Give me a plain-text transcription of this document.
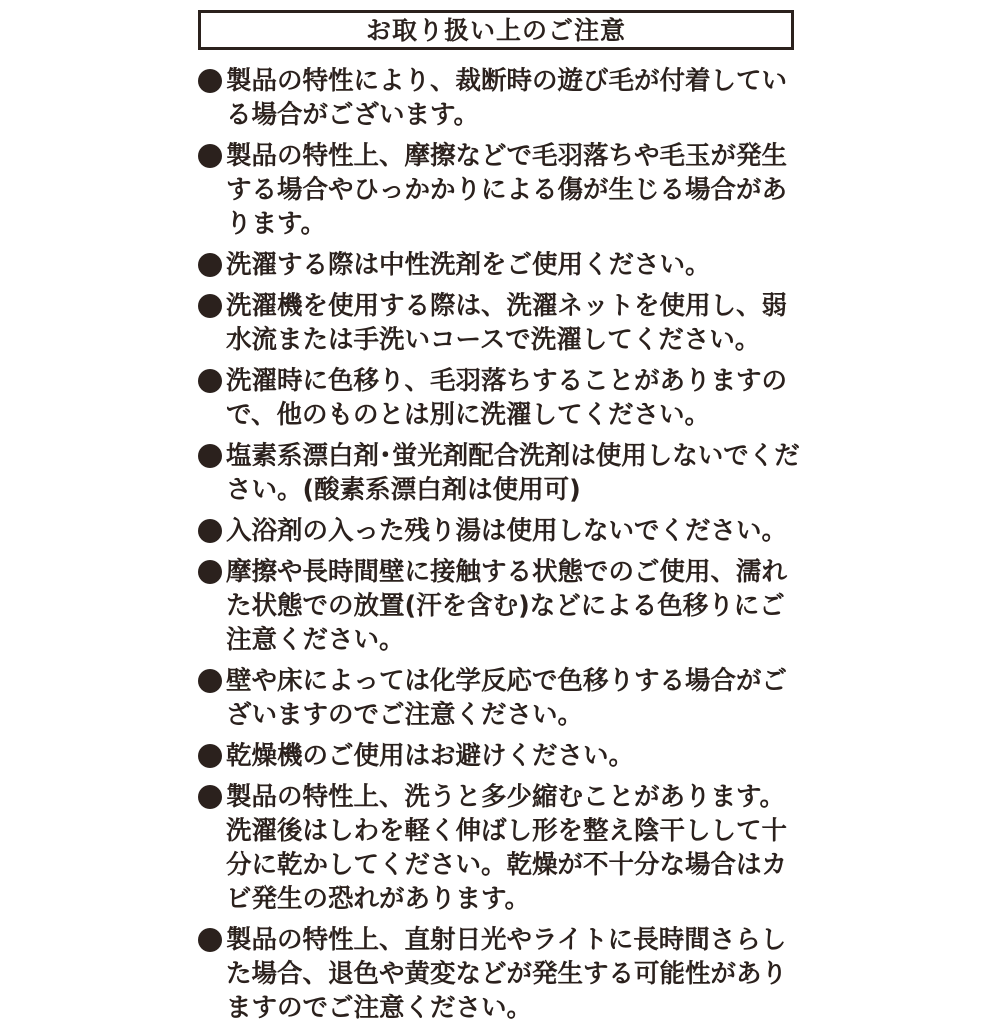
お取り扱い上のご注意
製品の特性により、裁断時の遊び毛が付着している場合がございます。
製品の特性上、摩擦などで毛羽落ちや毛玉が発生する場合やひっかかりによる傷が生じる場合があります。
洗濯する際は中性洗剤をご使用ください。
洗濯機を使用する際は、洗濯ネットを使用し、弱水流または手洗いコースで洗濯してください。
洗濯時に色移り、毛羽落ちすることがありますので、他のものとは別に洗濯してください。
塩素系漂白剤･蛍光剤配合洗剤は使用しないでください。(酸素系漂白剤は使用可)
入浴剤の入った残り湯は使用しないでください。
摩擦や長時間壁に接触する状態でのご使用、濡れた状態での放置(汗を含む)などによる色移りにご注意ください。
壁や床によっては化学反応で色移りする場合がございますのでご注意ください。
乾燥機のご使用はお避けください。
製品の特性上、洗うと多少縮むことがあります。洗濯後はしわを軽く伸ばし形を整え陰干しして十分に乾かしてください。乾燥が不十分な場合はカビ発生の恐れがあります。
製品の特性上、直射日光やライトに長時間さらした場合、退色や黄変などが発生する可能性がありますのでご注意ください。
